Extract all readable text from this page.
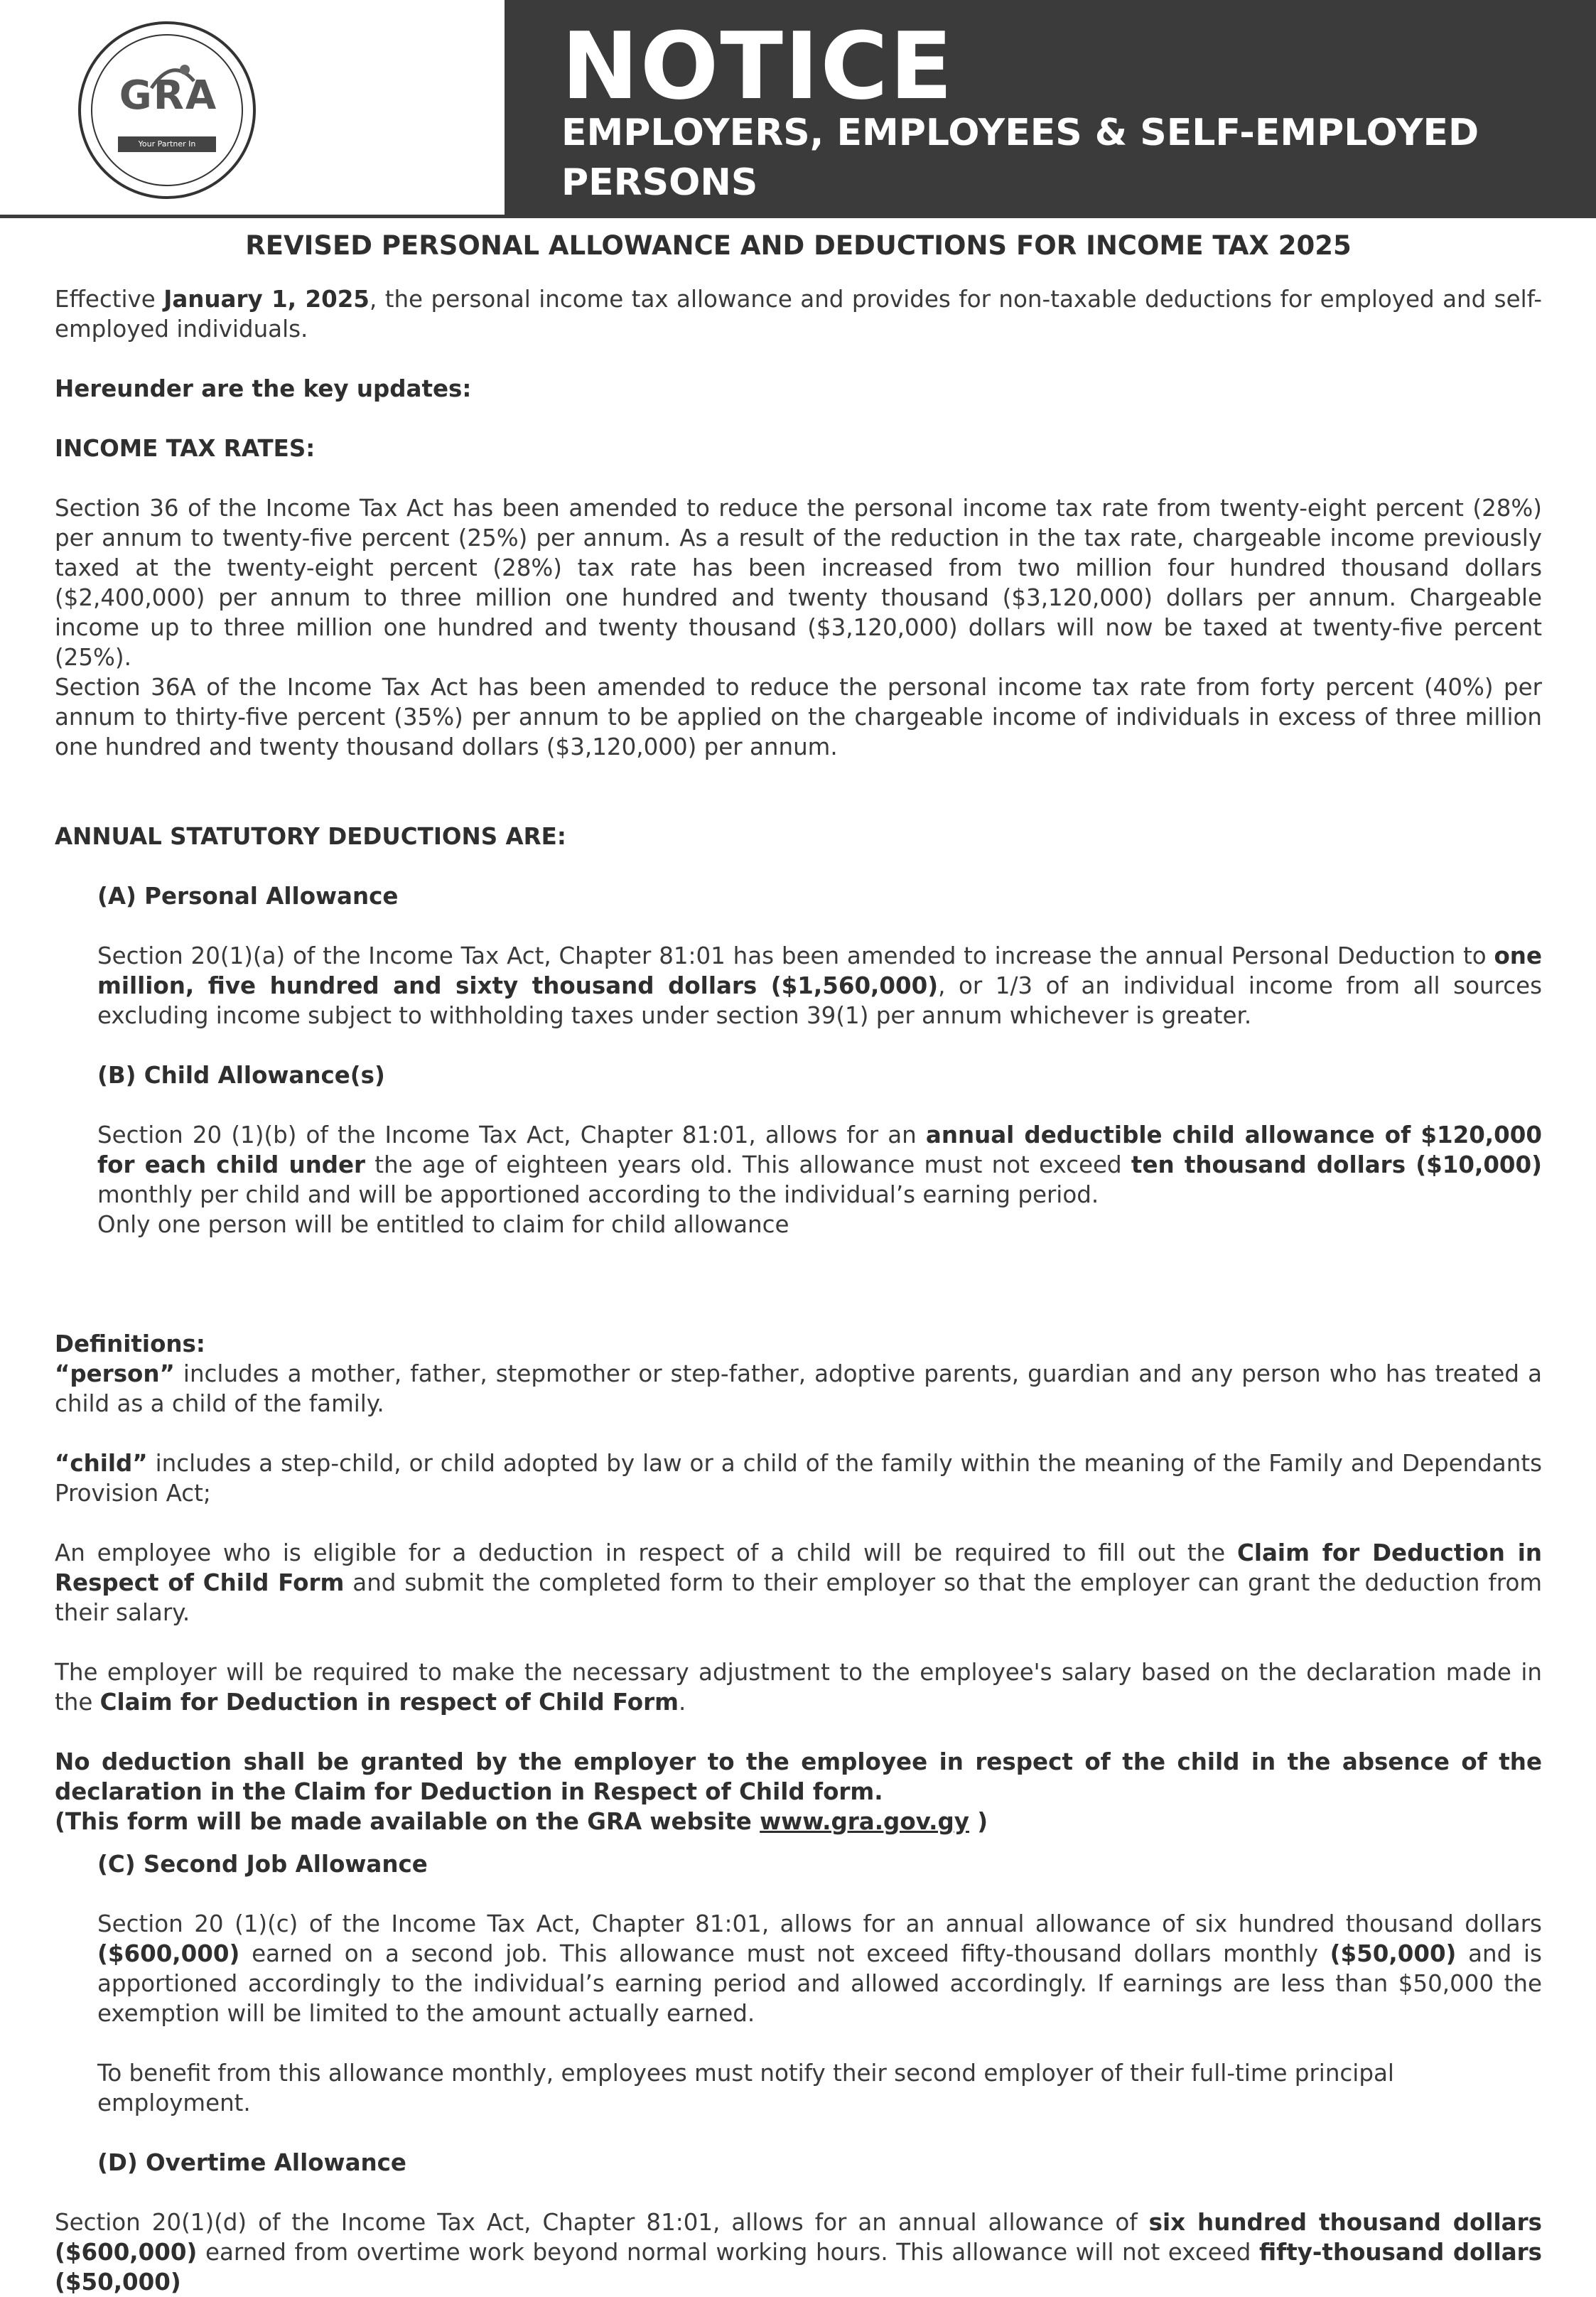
GRA
Your Partner In Development
NOTICE
EMPLOYERS, EMPLOYEES & SELF-EMPLOYED PERSONS
REVISED PERSONAL ALLOWANCE AND DEDUCTIONS FOR INCOME TAX 2025

Effective January 1, 2025, the personal income tax allowance and provides for non-taxable deductions for employed and self-employed individuals.

Hereunder are the key updates:

INCOME TAX RATES:

Section 36 of the Income Tax Act has been amended to reduce the personal income tax rate from twenty-eight percent (28%) per annum to twenty-five percent (25%) per annum. As a result of the reduction in the tax rate, chargeable income previously taxed at the twenty-eight percent (28%) tax rate has been increased from two million four hundred thousand dollars ($2,400,000) per annum to three million one hundred and twenty thousand ($3,120,000) dollars per annum. Chargeable income up to three million one hundred and twenty thousand ($3,120,000) dollars will now be taxed at twenty-five percent (25%).

Section 36A of the Income Tax Act has been amended to reduce the personal income tax rate from forty percent (40%) per annum to thirty-five percent (35%) per annum to be applied on the chargeable income of individuals in excess of three million one hundred and twenty thousand dollars ($3,120,000) per annum.

ANNUAL STATUTORY DEDUCTIONS ARE:

(A) Personal Allowance

Section 20(1)(a) of the Income Tax Act, Chapter 81:01 has been amended to increase the annual Personal Deduction to one million, five hundred and sixty thousand dollars ($1,560,000), or 1/3 of an individual income from all sources excluding income subject to withholding taxes under section 39(1) per annum whichever is greater.

(B) Child Allowance(s)

Section 20 (1)(b) of the Income Tax Act, Chapter 81:01, allows for an annual deductible child allowance of $120,000 for each child under the age of eighteen years old. This allowance must not exceed ten thousand dollars ($10,000) monthly per child and will be apportioned according to the individual’s earning period.

Only one person will be entitled to claim for child allowance

Definitions:

“person” includes a mother, father, stepmother or step-father, adoptive parents, guardian and any person who has treated a child as a child of the family.

“child” includes a step-child, or child adopted by law or a child of the family within the meaning of the Family and Dependants Provision Act;

An employee who is eligible for a deduction in respect of a child will be required to fill out the Claim for Deduction in Respect of Child Form and submit the completed form to their employer so that the employer can grant the deduction from their salary.

The employer will be required to make the necessary adjustment to the employee's salary based on the declaration made in the Claim for Deduction in respect of Child Form.

No deduction shall be granted by the employer to the employee in respect of the child in the absence of the declaration in the Claim for Deduction in Respect of Child form.

(This form will be made available on the GRA website www.gra.gov.gy )

(C) Second Job Allowance

Section 20 (1)(c) of the Income Tax Act, Chapter 81:01, allows for an annual allowance of six hundred thousand dollars ($600,000) earned on a second job. This allowance must not exceed fifty-thousand dollars monthly ($50,000) and is apportioned accordingly to the individual’s earning period and allowed accordingly. If earnings are less than $50,000 the exemption will be limited to the amount actually earned.

To benefit from this allowance monthly, employees must notify their second employer of their full-time principal employment.

(D) Overtime Allowance

Section 20(1)(d) of the Income Tax Act, Chapter 81:01, allows for an annual allowance of six hundred thousand dollars ($600,000) earned from overtime work beyond normal working hours. This allowance will not exceed fifty-thousand dollars ($50,000)
